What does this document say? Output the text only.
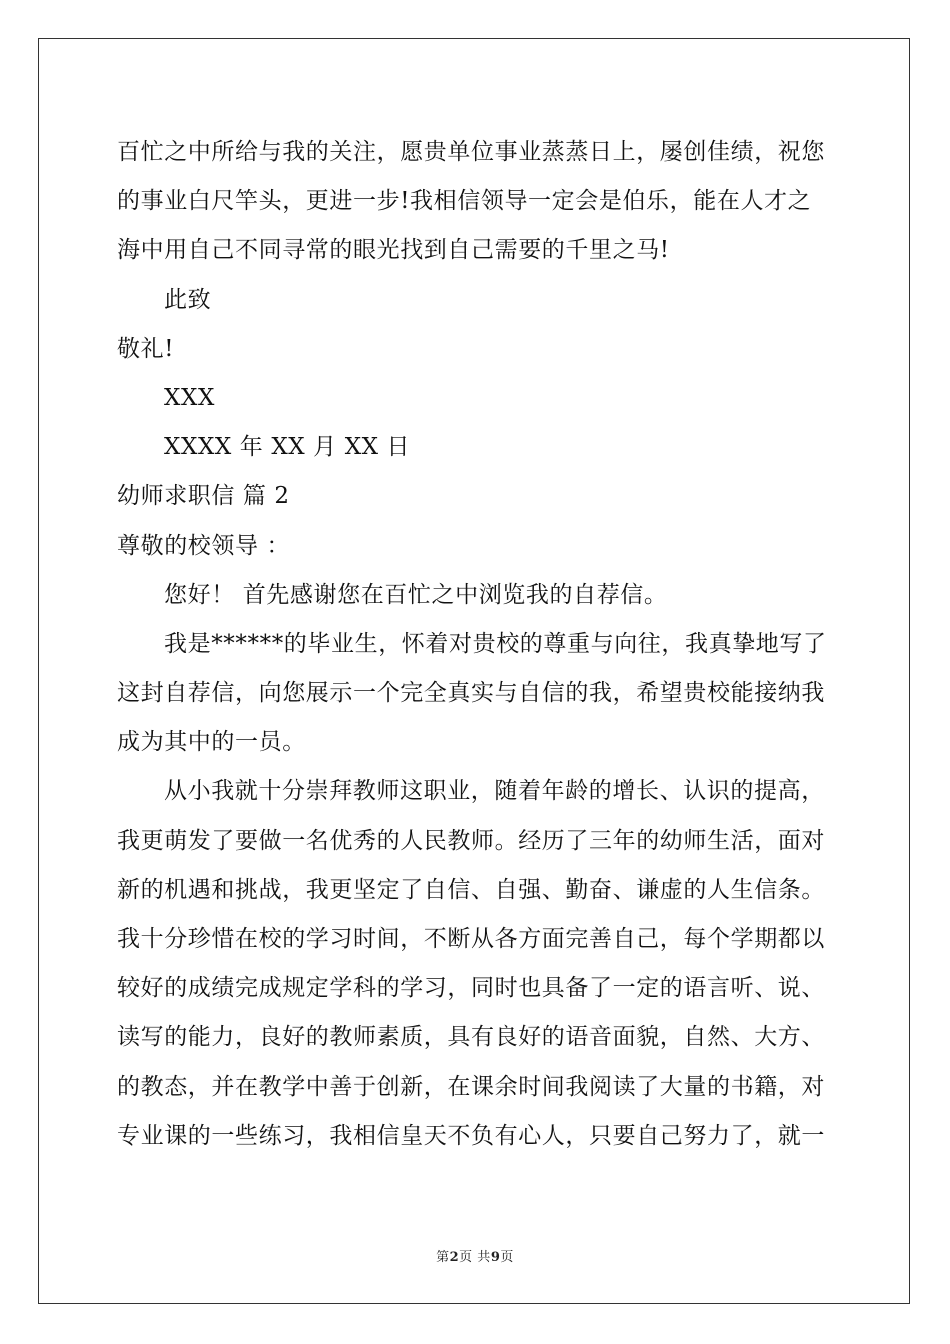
百忙之中所给与我的关注，愿贵单位事业蒸蒸日上，屡创佳绩，祝您
的事业白尺竿头，更进一步!我相信领导一定会是伯乐，能在人才之
海中用自己不同寻常的眼光找到自己需要的千里之马!
此致
敬礼!
XXX
XXXX 年 XX 月 XX 日
幼师求职信 篇 2
尊敬的校领导 ：
您好！ 首先感谢您在百忙之中浏览我的自荐信。
我是******的毕业生，怀着对贵校的尊重与向往，我真挚地写了
这封自荐信，向您展示一个完全真实与自信的我，希望贵校能接纳我
成为其中的一员。
从小我就十分崇拜教师这职业，随着年龄的增长、认识的提高，
我更萌发了要做一名优秀的人民教师。经历了三年的幼师生活，面对
新的机遇和挑战，我更坚定了自信、自强、勤奋、谦虚的人生信条。
我十分珍惜在校的学习时间，不断从各方面完善自己，每个学期都以
较好的成绩完成规定学科的学习，同时也具备了一定的语言听、说、
读写的能力，良好的教师素质，具有良好的语音面貌，自然、大方、
的教态，并在教学中善于创新，在课余时间我阅读了大量的书籍，对
专业课的一些练习，我相信皇天不负有心人，只要自己努力了，就一
第2页 共9页
